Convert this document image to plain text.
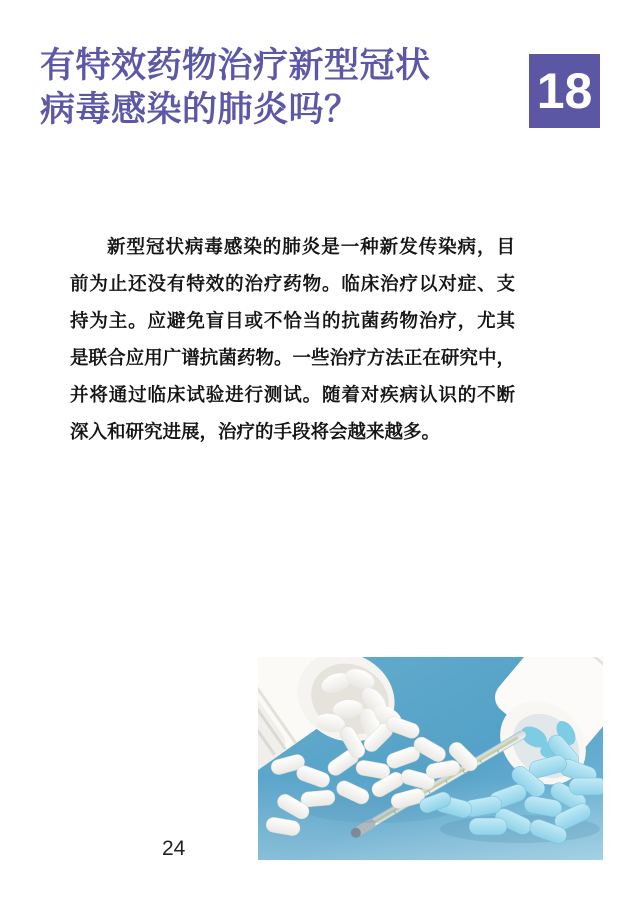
有特效药物治疗新型冠状
病毒感染的肺炎吗？	18
新型冠状病毒感染的肺炎是一种新发传染病，目
前为止还没有特效的治疗药物。临床治疗以对症、支
持为主。应避免盲目或不恰当的抗菌药物治疗，尤其
是联合应用广谱抗菌药物。一些治疗方法正在研究中，
并将通过临床试验进行测试。随着对疾病认识的不断
深入和研究进展，治疗的手段将会越来越多。
24
